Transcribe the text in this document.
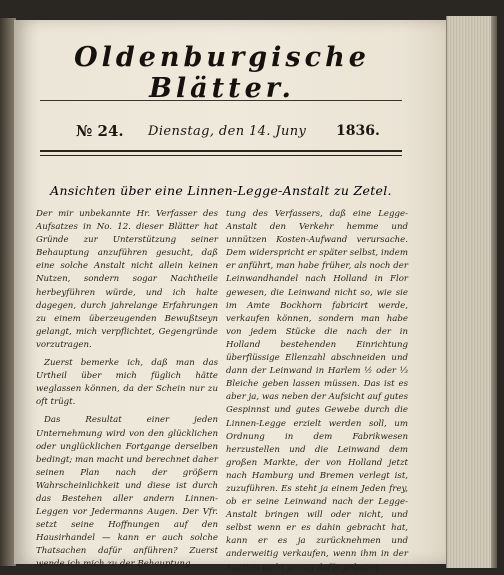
Oldenburgische Blätter.
№ 24. Dienstag, den 14. Juny 1836.
Ansichten über eine Linnen-Legge-Anstalt zu Zetel.

Der mir unbekannte Hr. Verfasser des Aufsatzes in No. 12. dieser Blätter hat Gründe zur Unterstützung seiner Behauptung anzuführen gesucht, daß eine solche Anstalt nicht allein keinen Nutzen, sondern sogar Nachtheile herbeyführen würde, und ich halte dagegen, durch jahrelange Erfahrungen zu einem überzeugenden Bewußtseyn gelangt, mich verpflichtet, Gegengründe vorzutragen.

Zuerst bemerke ich, daß man das Urtheil über mich füglich hätte weglassen können, da der Schein nur zu oft trügt.

Das Resultat einer jeden Unternehmung wird von den glücklichen oder unglücklichen Fortgange derselben bedingt; man macht und berechnet daher seinen Plan nach der größern Wahrscheinlichkeit und diese ist durch das Bestehen aller andern Linnen-Leggen vor Jedermanns Augen. Der Vfr. setzt seine Hoffnungen auf den Hausirhandel — kann er auch solche Thatsachen dafür anführen? Zuerst wende ich mich zu der Behauptung

tung des Verfassers, daß eine Legge-Anstalt den Verkehr hemme und unnützen Kosten-Aufwand verursache. Dem widerspricht er später selbst, indem er anführt, man habe früher, als noch der Leinwandhandel nach Holland in Flor gewesen, die Leinwand nicht so, wie sie im Amte Bockhorn fabricirt werde, verkaufen können, sondern man habe von jedem Stücke die nach der in Holland bestehenden Einrichtung überflüssige Ellenzahl abschneiden und dann der Leinwand in Harlem ½ oder ⅓ Bleiche geben lassen müssen. Das ist es aber ja, was neben der Aufsicht auf gutes Gespinnst und gutes Gewebe durch die Linnen-Legge erzielt werden soll, um Ordnung in dem Fabrikwesen herzustellen und die Leinwand dem großen Markte, der von Holland jetzt nach Hamburg und Bremen verlegt ist, zuzuführen. Es steht ja einem Jeden frey, ob er seine Leinwand nach der Legge-Anstalt bringen will oder nicht, und selbst wenn er es dahin gebracht hat, kann er es ja zurücknehmen und anderweitig verkaufen, wenn ihm in der Auction nicht genug dafür geboten
